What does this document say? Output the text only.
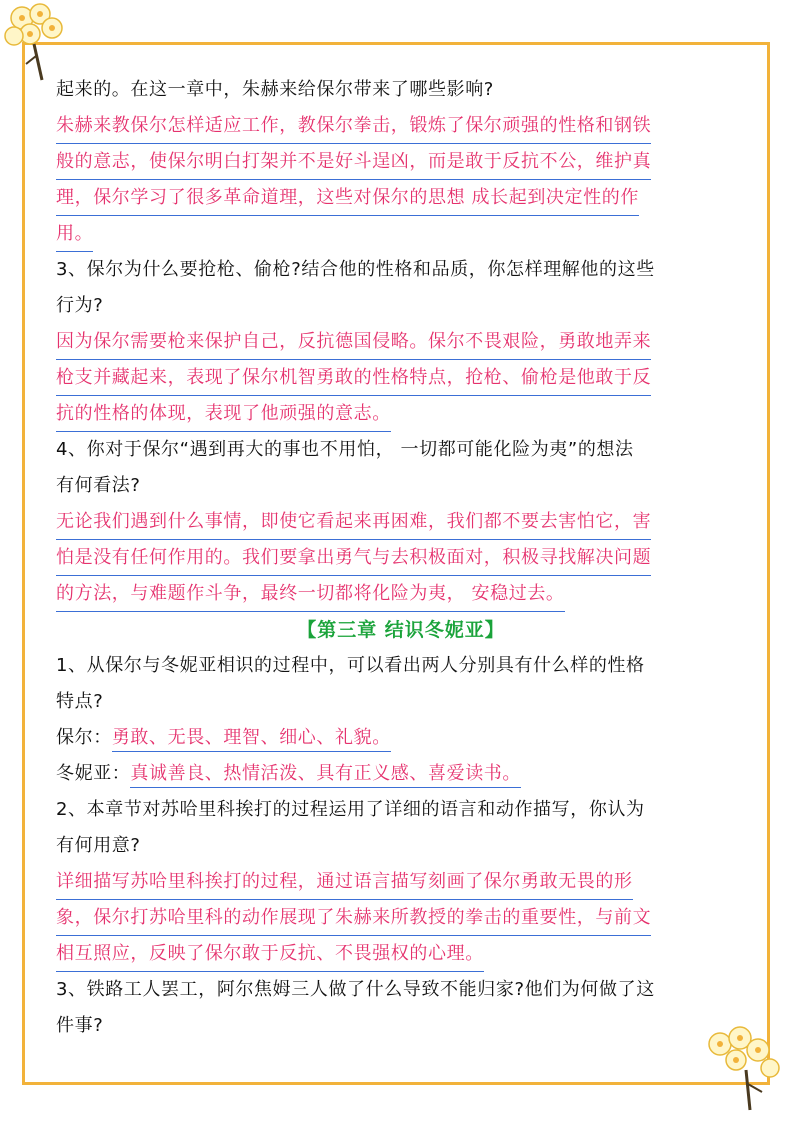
起来的。在这一章中，朱赫来给保尔带来了哪些影响?
朱赫来教保尔怎样适应工作，教保尔拳击，锻炼了保尔顽强的性格和钢铁
般的意志，使保尔明白打架并不是好斗逞凶，而是敢于反抗不公，维护真
理，保尔学习了很多革命道理，这些对保尔的思想 成长起到决定性的作
用。
3、保尔为什么要抢枪、偷枪?结合他的性格和品质，你怎样理解他的这些
行为?
因为保尔需要枪来保护自己，反抗德国侵略。保尔不畏艰险，勇敢地弄来
枪支并藏起来，表现了保尔机智勇敢的性格特点，抢枪、偷枪是他敢于反
抗的性格的体现，表现了他顽强的意志。
4、你对于保尔“遇到再大的事也不用怕， 一切都可能化险为夷”的想法
有何看法?
无论我们遇到什么事情，即使它看起来再困难，我们都不要去害怕它，害
怕是没有任何作用的。我们要拿出勇气与去积极面对，积极寻找解决问题
的方法，与难题作斗争，最终一切都将化险为夷， 安稳过去。
【第三章 结识冬妮亚】
1、从保尔与冬妮亚相识的过程中，可以看出两人分别具有什么样的性格
特点?
保尔：勇敢、无畏、理智、细心、礼貌。
冬妮亚：真诚善良、热情活泼、具有正义感、喜爱读书。
2、本章节对苏哈里科挨打的过程运用了详细的语言和动作描写，你认为
有何用意?
详细描写苏哈里科挨打的过程，通过语言描写刻画了保尔勇敢无畏的形
象，保尔打苏哈里科的动作展现了朱赫来所教授的拳击的重要性，与前文
相互照应，反映了保尔敢于反抗、不畏强权的心理。
3、铁路工人罢工，阿尔焦姆三人做了什么导致不能归家?他们为何做了这
件事?
